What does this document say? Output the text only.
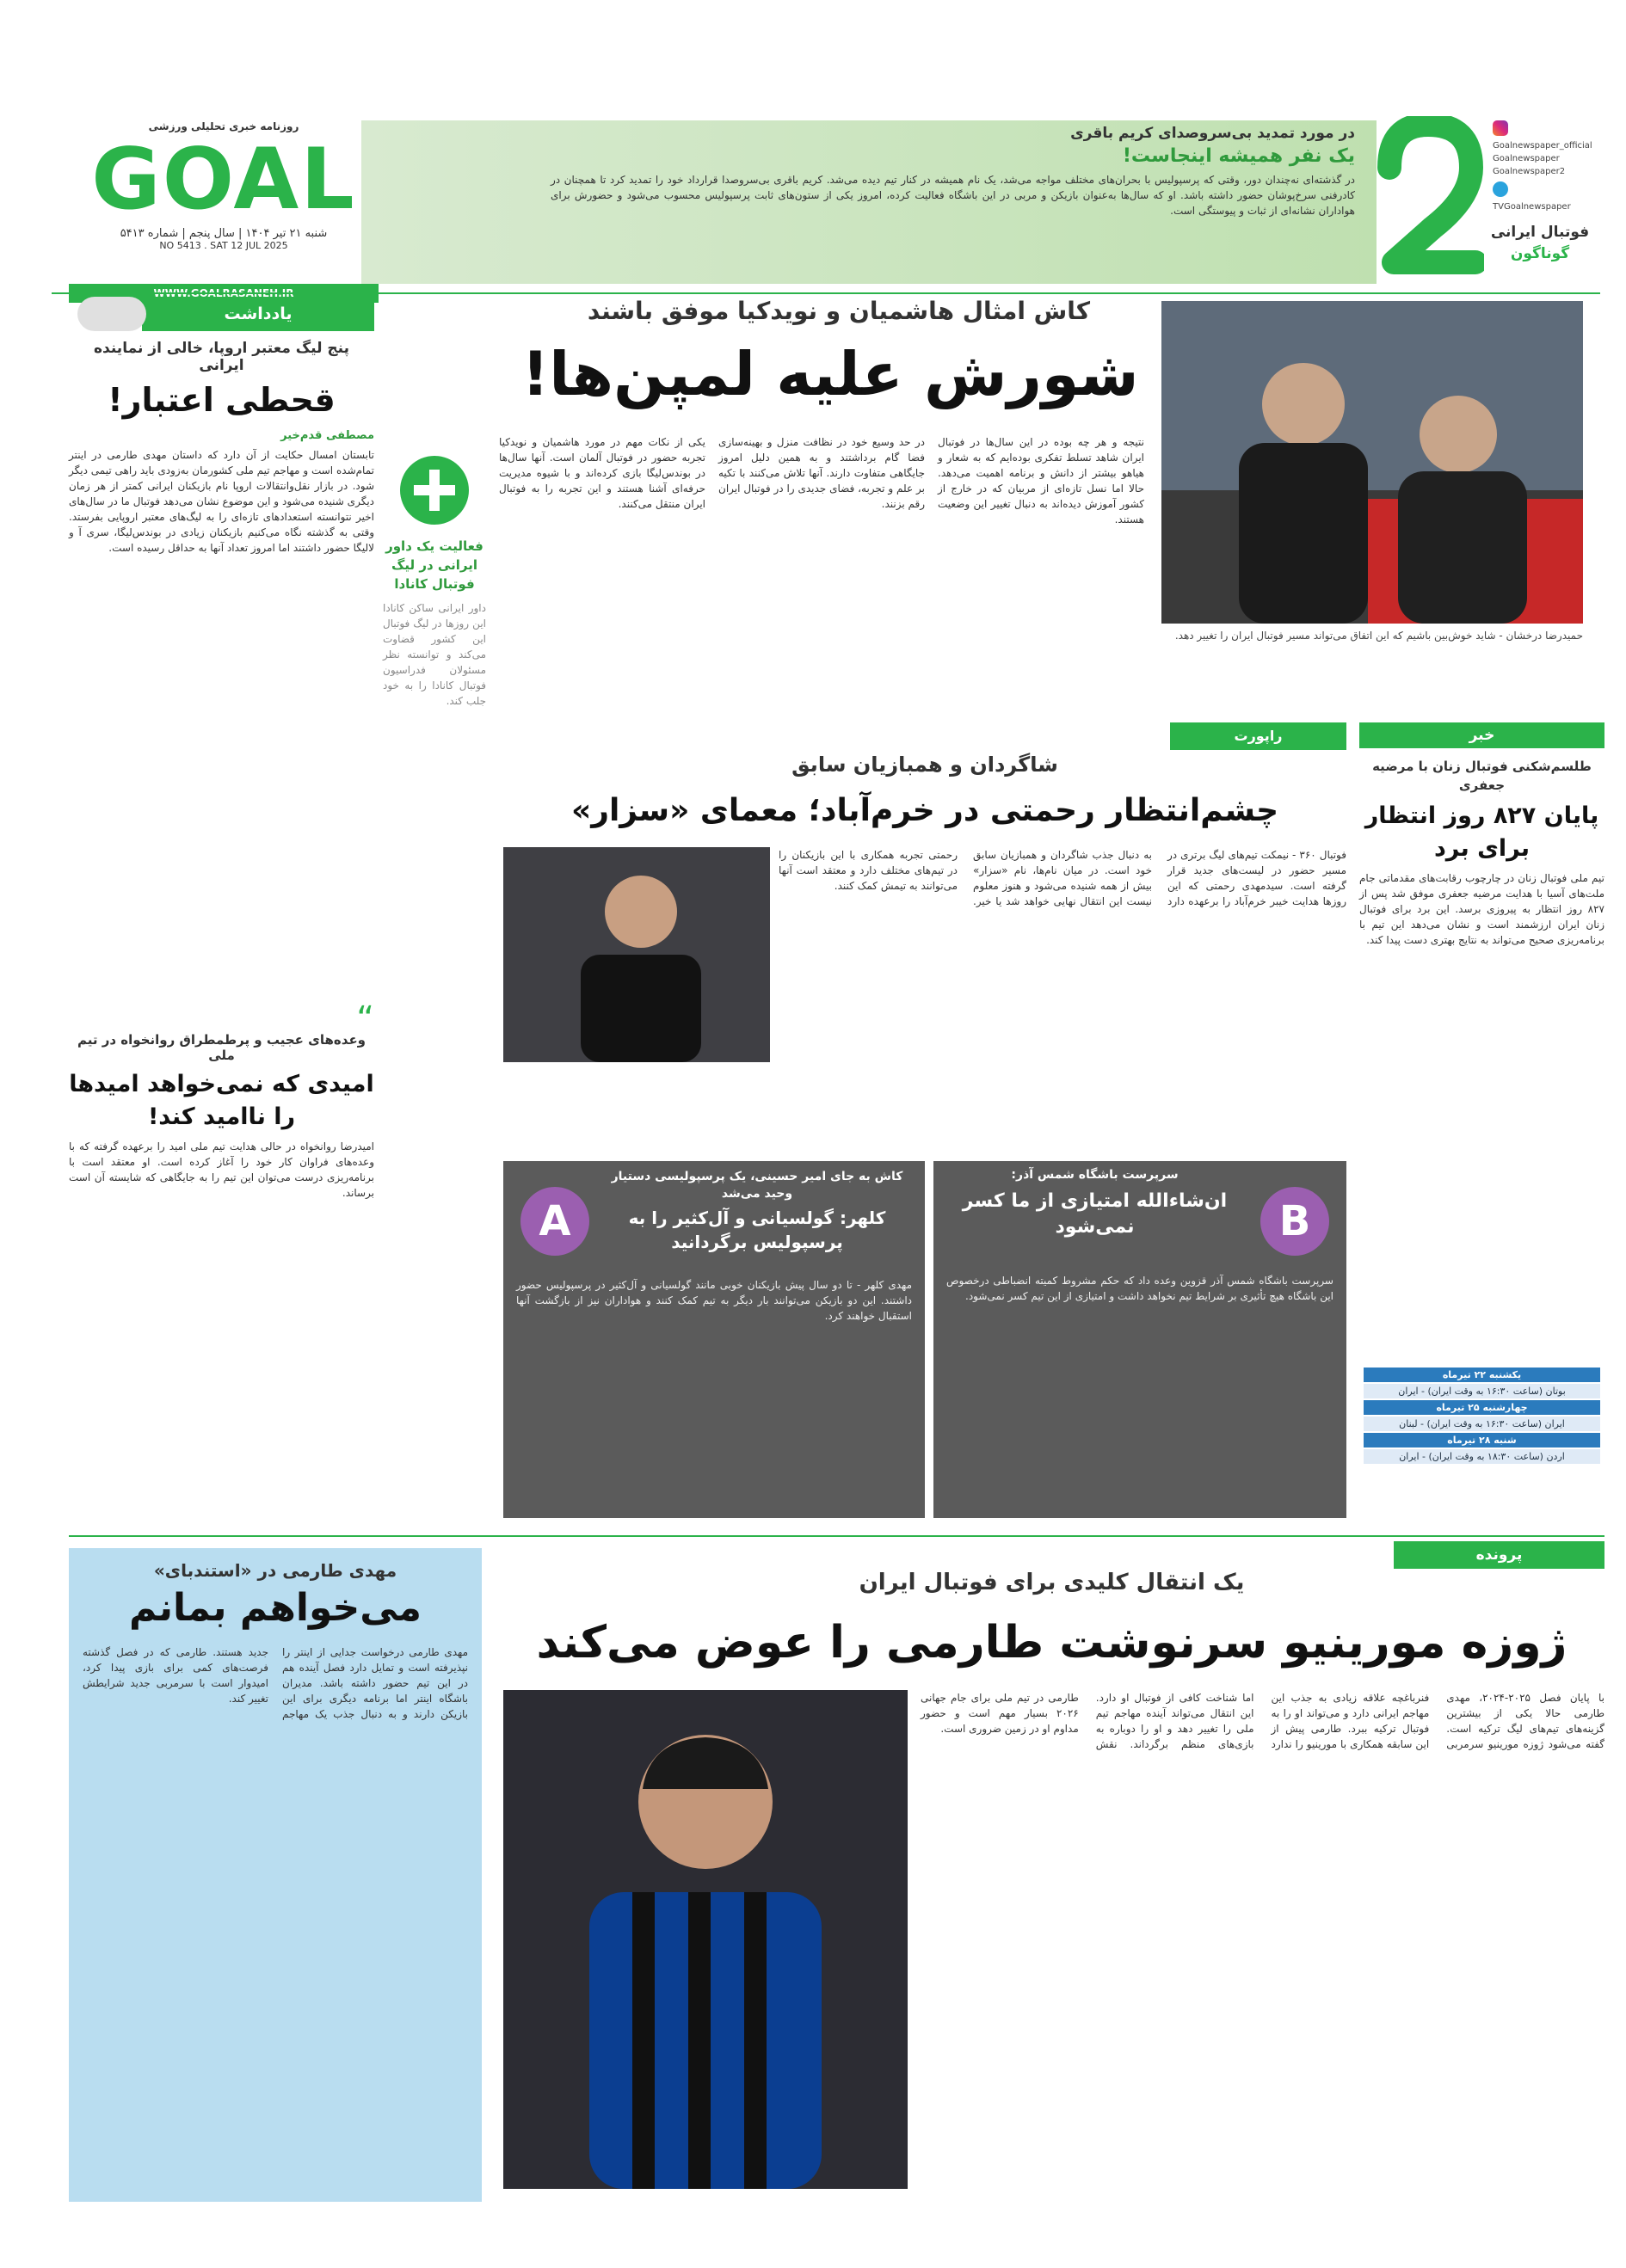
فوتبال ایرانی
گوناگون
Goalnewspaper_official
Goalnewspaper
Goalnewspaper2
TVGoalnewspaper
در مورد تمدید بی‌سروصدای کریم باقری
یک نفر همیشه اینجاست!
در گذشته‌ای نه‌چندان دور، وقتی که پرسپولیس با بحران‌های مختلف مواجه می‌شد، یک نام همیشه در کنار تیم دیده می‌شد. کریم باقری بی‌سروصدا قرارداد خود را تمدید کرد تا همچنان در کادرفنی سرخ‌پوشان حضور داشته باشد. او که سال‌ها به‌عنوان بازیکن و مربی در این باشگاه فعالیت کرده، امروز یکی از ستون‌های ثابت پرسپولیس محسوب می‌شود و حضورش برای هواداران نشانه‌ای از ثبات و پیوستگی است.
روزنامه خبری تحلیلی ورزشی
GOAL
شنبه ۲۱ تیر ۱۴۰۴ | سال پنجم | شماره ۵۴۱۳
NO 5413 . SAT 12 JUL 2025
خبر
طلسم‌شکنی فوتبال زنان با مرضیه جعفری
پایان ۸۲۷ روز انتظار برای برد
تیم ملی فوتبال زنان در چارچوب رقابت‌های مقدماتی جام ملت‌های آسیا با هدایت مرضیه جعفری موفق شد پس از ۸۲۷ روز انتظار به پیروزی برسد. این برد برای فوتبال زنان ایران ارزشمند است و نشان می‌دهد این تیم با برنامه‌ریزی صحیح می‌تواند به نتایج بهتری دست پیدا کند.
یکشنبه ۲۲ تیرماه
بوتان (ساعت ۱۶:۳۰ به وقت ایران) - ایران
چهارشنبه ۲۵ تیرماه
ایران (ساعت ۱۶:۳۰ به وقت ایران) - لبنان
شنبه ۲۸ تیرماه
اردن (ساعت ۱۸:۳۰ به وقت ایران) - ایران
کاش امثال هاشمیان و نویدکیا موفق باشند
شورش علیه لمپن‌ها!
نتیجه و هر چه بوده در این سال‌ها در فوتبال ایران شاهد تسلط تفکری بوده‌ایم که به شعار و هیاهو بیشتر از دانش و برنامه اهمیت می‌دهد. حالا اما نسل تازه‌ای از مربیان که در خارج از کشور آموزش دیده‌اند به دنبال تغییر این وضعیت هستند.
در حد وسیع خود در نظافت منزل و بهینه‌سازی فضا گام برداشتند و به همین دلیل امروز جایگاهی متفاوت دارند. آنها تلاش می‌کنند با تکیه بر علم و تجربه، فضای جدیدی را در فوتبال ایران رقم بزنند.
یکی از نکات مهم در مورد هاشمیان و نویدکیا تجربه حضور در فوتبال آلمان است. آنها سال‌ها در بوندس‌لیگا بازی کرده‌اند و با شیوه مدیریت حرفه‌ای آشنا هستند و این تجربه را به فوتبال ایران منتقل می‌کنند.
حمیدرضا درخشان - شاید خوش‌بین باشیم که این اتفاق می‌تواند مسیر فوتبال ایران را تغییر دهد.
فعالیت یک داور ایرانی در لیگ فوتبال کانادا
داور ایرانی ساکن کانادا این روزها در لیگ فوتبال این کشور قضاوت می‌کند و توانسته نظر مسئولان فدراسیون فوتبال کانادا را به خود جلب کند.
یادداشت
پنج لیگ معتبر اروپا، خالی از نماینده ایرانی
قحطی اعتبار!
مصطفی قدم‌خیر
تابستان امسال حکایت از آن دارد که داستان مهدی طارمی در اینتر تمام‌شده است و مهاجم تیم ملی کشورمان به‌زودی باید راهی تیمی دیگر شود. در بازار نقل‌وانتقالات اروپا نام بازیکنان ایرانی کمتر از هر زمان دیگری شنیده می‌شود و این موضوع نشان می‌دهد فوتبال ما در سال‌های اخیر نتوانسته استعدادهای تازه‌ای را به لیگ‌های معتبر اروپایی بفرستد. وقتی به گذشته نگاه می‌کنیم بازیکنان زیادی در بوندس‌لیگا، سری آ و لالیگا حضور داشتند اما امروز تعداد آنها به حداقل رسیده است.
“
وعده‌های عجیب و پرطمطراق روانخواه در تیم ملی
امیدی که نمی‌خواهد امیدها را ناامید کند!
امیدرضا روانخواه در حالی هدایت تیم ملی امید را برعهده گرفته که با وعده‌های فراوان کار خود را آغاز کرده است. او معتقد است با برنامه‌ریزی درست می‌توان این تیم را به جایگاهی که شایسته آن است برساند.
راپورت
شاگردان و همبازیان سابق
چشم‌انتظار رحمتی در خرم‌آباد؛ معمای «سزار»
فوتبال ۳۶۰ - نیمکت تیم‌های لیگ برتری در مسیر حضور در لیست‌های جدید قرار گرفته است. سیدمهدی رحمتی که این روزها هدایت خیبر خرم‌آباد را برعهده دارد به دنبال جذب شاگردان و همبازیان سابق خود است. در میان نام‌ها، نام «سزار» بیش از همه شنیده می‌شود و هنوز معلوم نیست این انتقال نهایی خواهد شد یا خیر. رحمتی تجربه همکاری با این بازیکنان را در تیم‌های مختلف دارد و معتقد است آنها می‌توانند به تیمش کمک کنند.
B
سرپرست باشگاه شمس آذر:
ان‌شاءالله امتیازی از ما کسر نمی‌شود
سرپرست باشگاه شمس آذر قزوین وعده داد که حکم مشروط کمیته انضباطی درخصوص این باشگاه هیچ تأثیری بر شرایط تیم نخواهد داشت و امتیازی از این تیم کسر نمی‌شود.
A
کاش به جای امیر حسینی، یک پرسپولیسی دستیار وحید می‌شد
کلهر: گولسیانی و آل‌کثیر را به پرسپولیس برگردانید
مهدی کلهر - تا دو سال پیش بازیکنان خوبی مانند گولسیانی و آل‌کثیر در پرسپولیس حضور داشتند. این دو بازیکن می‌توانند بار دیگر به تیم کمک کنند و هواداران نیز از بازگشت آنها استقبال خواهند کرد.
پرونده
یک انتقال کلیدی برای فوتبال ایران
ژوزه مورینیو سرنوشت طارمی را عوض می‌کند
با پایان فصل ۲۰۲۵-۲۰۲۴، مهدی طارمی حالا یکی از بیشترین گزینه‌های تیم‌های لیگ ترکیه است. گفته می‌شود ژوزه مورینیو سرمربی فنرباغچه علاقه زیادی به جذب این مهاجم ایرانی دارد و می‌تواند او را به فوتبال ترکیه ببرد. طارمی پیش از این سابقه همکاری با مورینیو را ندارد اما شناخت کافی از فوتبال او دارد. این انتقال می‌تواند آینده مهاجم تیم ملی را تغییر دهد و او را دوباره به بازی‌های منظم برگرداند. نقش طارمی در تیم ملی برای جام جهانی ۲۰۲۶ بسیار مهم است و حضور مداوم او در زمین ضروری است.
مهدی طارمی در «استندبای»
می‌خواهم بمانم
مهدی طارمی درخواست جدایی از اینتر را نپذیرفته است و تمایل دارد فصل آینده هم در این تیم حضور داشته باشد. مدیران باشگاه اینتر اما برنامه دیگری برای این بازیکن دارند و به دنبال جذب یک مهاجم جدید هستند. طارمی که در فصل گذشته فرصت‌های کمی برای بازی پیدا کرد، امیدوار است با سرمربی جدید شرایطش تغییر کند.
